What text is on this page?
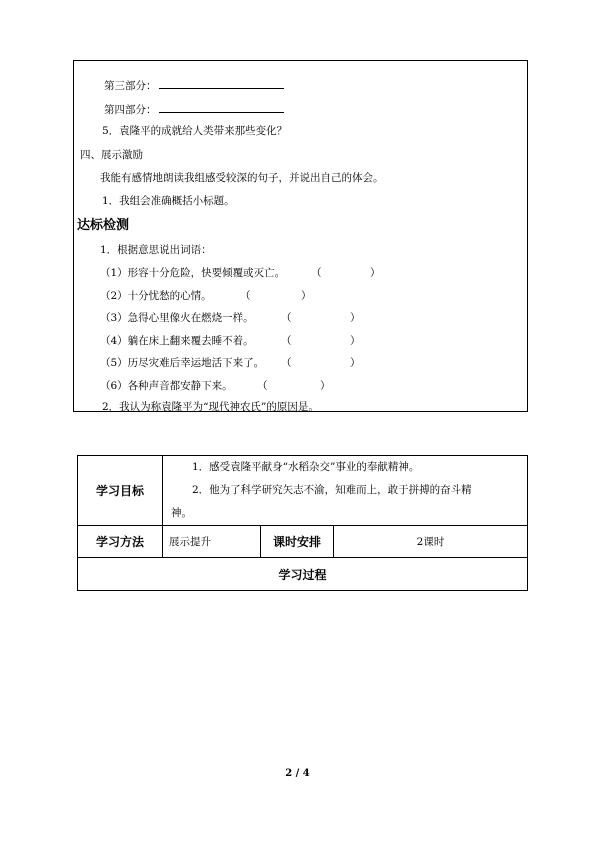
第三部分：
第四部分：
5．袁隆平的成就给人类带来那些变化？
四、展示激励
我能有感情地朗读我组感受较深的句子，并说出自己的体会。
1．我组会准确概括小标题。
达标检测
1．根据意思说出词语：
（1）形容十分危险，快要倾覆或灭亡。 （	）
（2）十分忧愁的心情。	（	）
（3）急得心里像火在燃烧一样。	（	）
（4）躺在床上翻来覆去睡不着。	（	）
（5）历尽灾难后幸运地活下来了。 （	）
（6）各种声音都安静下来。 （	）
2．我认为称袁隆平为“现代神农氏”的原因是。
学习目标	1．感受袁隆平献身“水稻杂交”事业的奉献精神。
2．他为了科学研究矢志不渝，知难而上，敢于拼搏的奋斗精
神。		

学习方法	展示提升	课时安排	2课时
学习过程			
2 / 4
